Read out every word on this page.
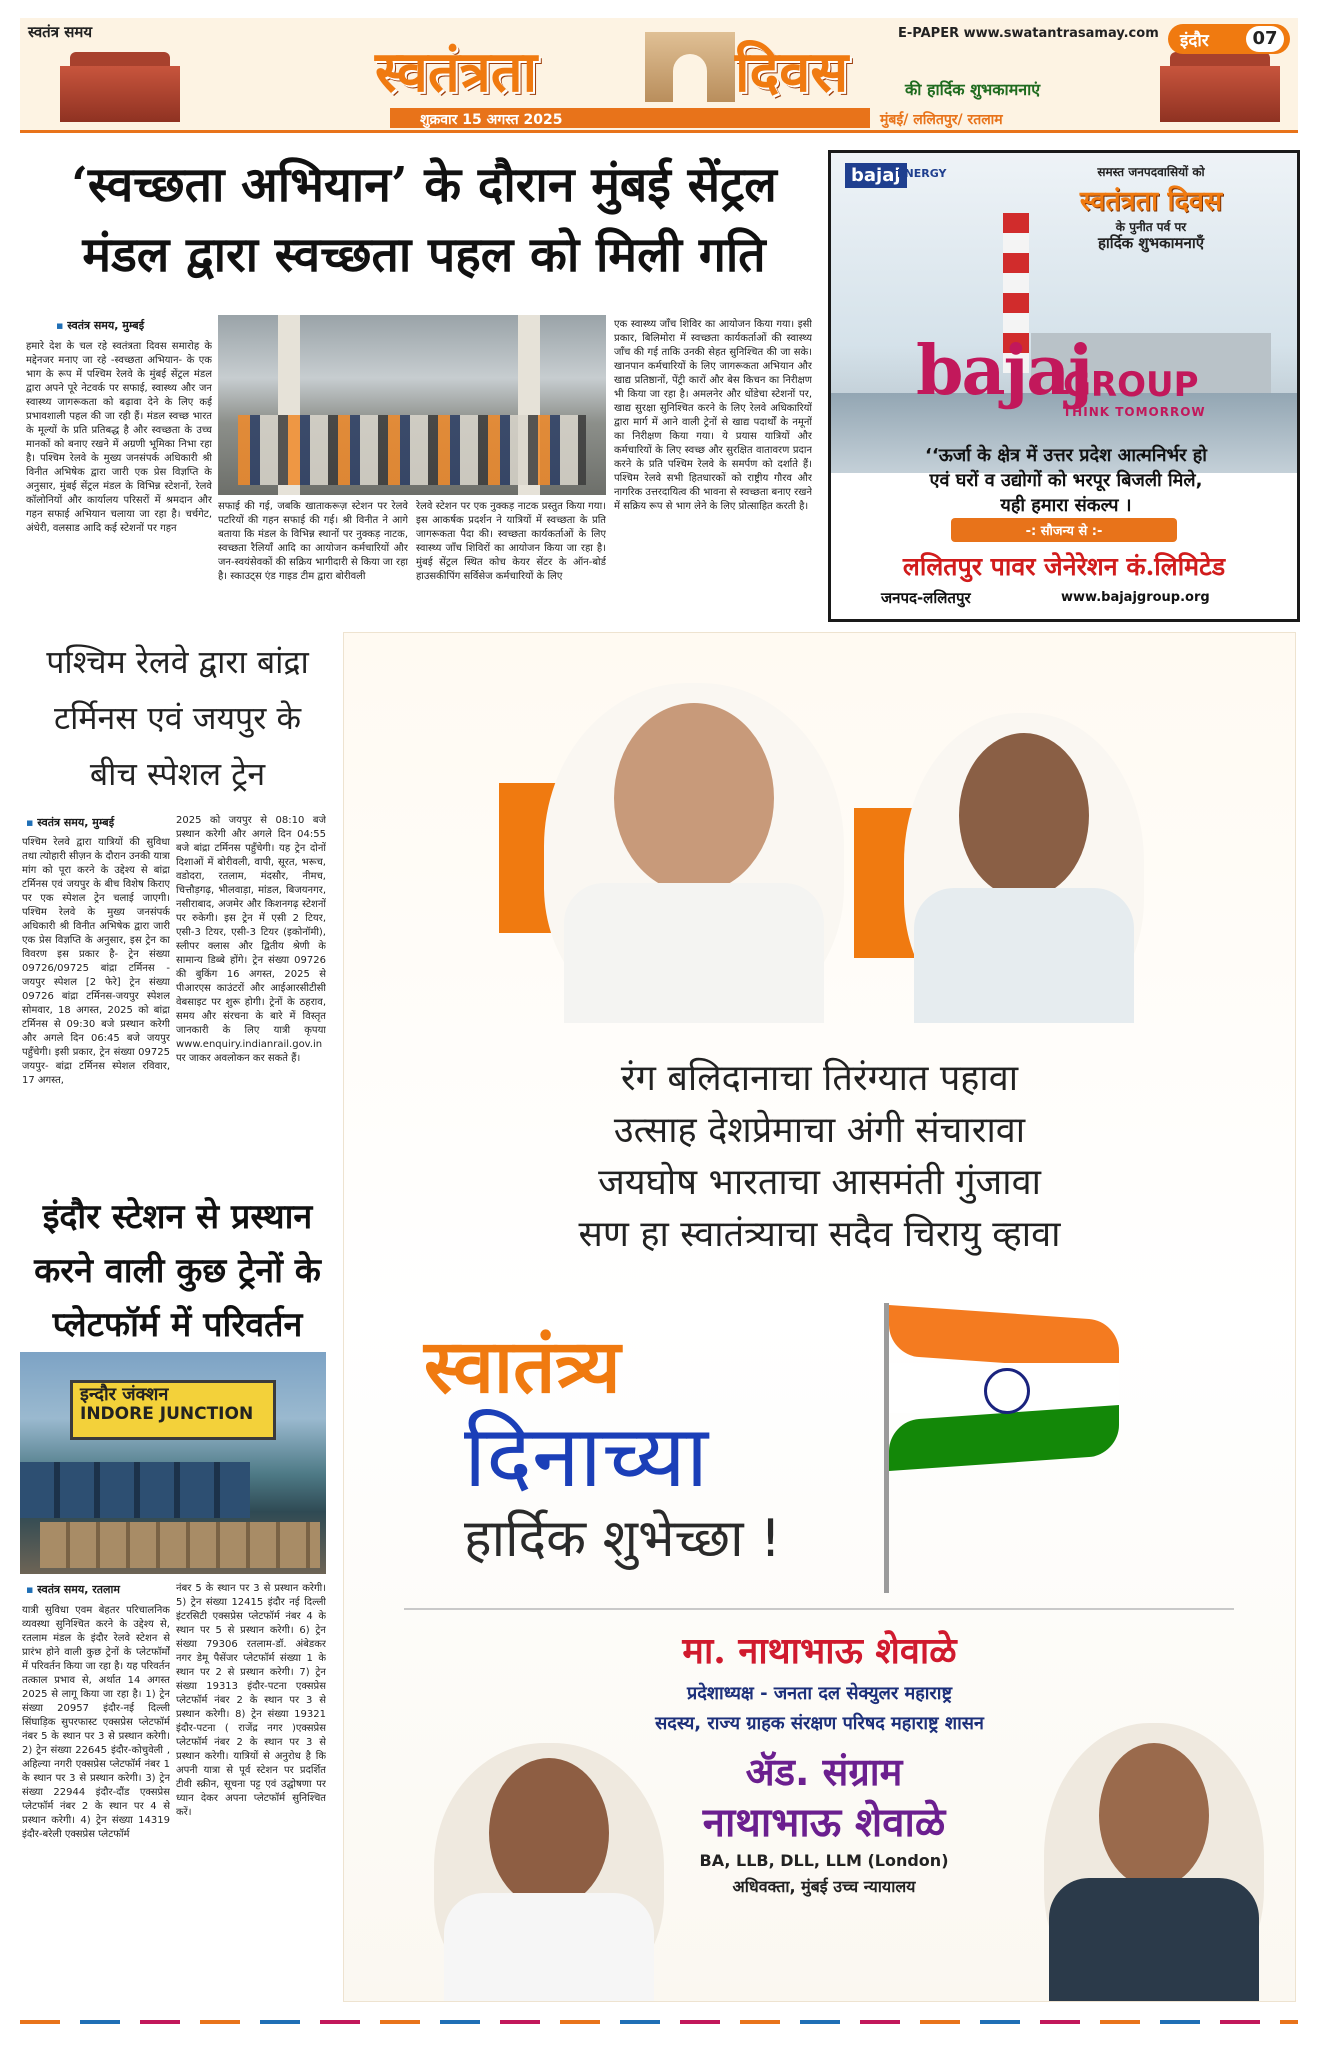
स्वतंत्र समय
स्वतंत्रता	दिवस	की हार्दिक शुभकामनाएं
E-PAPER www.swatantrasamay.com इंदौर	07
शुक्रवार 15 अगस्त 2025	मुंबई/ ललितपुर/ रतलाम
‘स्वच्छता अभियान’ के दौरान मुंबई सेंट्रल
मंडल द्वारा स्वच्छता पहल को मिली गति
▪ स्वतंत्र समय, मुम्बई
हमारे देश के चल रहे स्वतंत्रता दिवस समारोह के मद्देनजर मनाए जा रहे -स्वच्छता अभियान- के एक भाग के रूप में पश्चिम रेलवे के मुंबई सेंट्रल मंडल द्वारा अपने पूरे नेटवर्क पर सफाई, स्वास्थ्य और जन स्वास्थ्य जागरूकता को बढ़ावा देने के लिए कई प्रभावशाली पहल की जा रही हैं। मंडल स्वच्छ भारत के मूल्यों के प्रति प्रतिबद्ध है और स्वच्छता के उच्च मानकों को बनाए रखने में अग्रणी भूमिका निभा रहा है। पश्चिम रेलवे के मुख्य जनसंपर्क अधिकारी श्री विनीत अभिषेक द्वारा जारी एक प्रेस विज्ञप्ति के अनुसार, मुंबई सेंट्रल मंडल के विभिन्न स्टेशनों, रेलवे कॉलोनियों और कार्यालय परिसरों में श्रमदान और गहन सफाई अभियान चलाया जा रहा है। चर्चगेट, अंधेरी, वलसाड आदि कई स्टेशनों पर गहन
सफाई की गई, जबकि खाताकरूज़ स्टेशन पर रेलवे पटरियों की गहन सफाई की गई। श्री विनीत ने आगे बताया कि मंडल के विभिन्न स्थानों पर नुक्कड़ नाटक, स्वच्छता रैलियाँ आदि का आयोजन कर्मचारियों और जन-स्वयंसेवकों की सक्रिय भागीदारी से किया जा रहा है। स्काउट्स एंड गाइड टीम द्वारा बोरीवली
रेलवे स्टेशन पर एक नुक्कड़ नाटक प्रस्तुत किया गया। इस आकर्षक प्रदर्शन ने यात्रियों में स्वच्छता के प्रति जागरूकता पैदा की। स्वच्छता कार्यकर्ताओं के लिए स्वास्थ्य जाँच शिविरों का आयोजन किया जा रहा है। मुंबई सेंट्रल स्थित कोच केयर सेंटर के ऑन-बोर्ड हाउसकीपिंग सर्विसेज कर्मचारियों के लिए
एक स्वास्थ्य जाँच शिविर का आयोजन किया गया। इसी प्रकार, बिलिमोरा में स्वच्छता कार्यकर्ताओं की स्वास्थ्य जाँच की गई ताकि उनकी सेहत सुनिश्चित की जा सके। खानपान कर्मचारियों के लिए जागरूकता अभियान और खाद्य प्रतिष्ठानों, पेंट्री कारों और बेस किचन का निरीक्षण भी किया जा रहा है। अमलनेर और धोंडेचा स्टेशनों पर, खाद्य सुरक्षा सुनिश्चित करने के लिए रेलवे अधिकारियों द्वारा मार्ग में आने वाली ट्रेनों से खाद्य पदार्थों के नमूनों का निरीक्षण किया गया। ये प्रयास यात्रियों और कर्मचारियों के लिए स्वच्छ और सुरक्षित वातावरण प्रदान करने के प्रति पश्चिम रेलवे के समर्पण को दर्शाते हैं। पश्चिम रेलवे सभी हितधारकों को राष्ट्रीय गौरव और नागरिक उत्तरदायित्व की भावना से स्वच्छता बनाए रखने में सक्रिय रूप से भाग लेने के लिए प्रोत्साहित करती है।
bajaj
ENERGY	समस्त जनपदवासियों को
स्वतंत्रता दिवस
के पुनीत पर्व पर
हार्दिक शुभकामनाएँ
bajaj
GROUP
THINK TOMORROW
‘‘ऊर्जा के क्षेत्र में उत्तर प्रदेश आत्मनिर्भर हो
एवं घरों व उद्योगों को भरपूर बिजली मिले,
यही हमारा संकल्प ।
-: सौजन्य से :-
ललितपुर पावर जेनेरेशन कं.लिमिटेड
जनपद-ललितपुर	www.bajajgroup.org
पश्चिम रेलवे द्वारा बांद्रा
टर्मिनस एवं जयपुर के
बीच स्पेशल ट्रेन
▪ स्वतंत्र समय, मुम्बई
पश्चिम रेलवे द्वारा यात्रियों की सुविधा तथा त्योहारी सीज़न के दौरान उनकी यात्रा मांग को पूरा करने के उद्देश्य से बांद्रा टर्मिनस एवं जयपुर के बीच विशेष किराए पर एक स्पेशल ट्रेन चलाई जाएगी। पश्चिम रेलवे के मुख्य जनसंपर्क अधिकारी श्री विनीत अभिषेक द्वारा जारी एक प्रेस विज्ञप्ति के अनुसार, इस ट्रेन का विवरण इस प्रकार है- ट्रेन संख्या 09726/09725 बांद्रा टर्मिनस - जयपुर स्पेशल [2 फेरे] ट्रेन संख्या 09726 बांद्रा टर्मिनस-जयपुर स्पेशल सोमवार, 18 अगस्त, 2025 को बांद्रा टर्मिनस से 09:30 बजे प्रस्थान करेगी और अगले दिन 06:45 बजे जयपुर पहुँचेगी। इसी प्रकार, ट्रेन संख्या 09725 जयपुर- बांद्रा टर्मिनस स्पेशल रविवार, 17 अगस्त,
2025 को जयपुर से 08:10 बजे प्रस्थान करेगी और अगले दिन 04:55 बजे बांद्रा टर्मिनस पहुँचेगी। यह ट्रेन दोनों दिशाओं में बोरीवली, वापी, सूरत, भरूच, वडोदरा, रतलाम, मंदसौर, नीमच, चित्तौड़गढ़, भीलवाड़ा, मांडल, बिजयनगर, नसीराबाद, अजमेर और किशनगढ़ स्टेशनों पर रुकेगी। इस ट्रेन में एसी 2 टियर, एसी-3 टियर, एसी-3 टियर (इकोनॉमी), स्लीपर क्लास और द्वितीय श्रेणी के सामान्य डिब्बे होंगे। ट्रेन संख्या 09726 की बुकिंग 16 अगस्त, 2025 से पीआरएस काउंटरों और आईआरसीटीसी वेबसाइट पर शुरू होगी। ट्रेनों के ठहराव, समय और संरचना के बारे में विस्तृत जानकारी के लिए यात्री कृपया www.enquiry.indianrail.gov.in पर जाकर अवलोकन कर सकते हैं।
इंदौर स्टेशन से प्रस्थान
करने वाली कुछ ट्रेनों के
प्लेटफॉर्म में परिवर्तन
इन्दौर जंक्शन
INDORE JUNCTION
▪ स्वतंत्र समय, रतलाम
यात्री सुविधा एवम बेहतर परिचालनिक व्यवस्था सुनिश्चित करने के उद्देश्य से, रतलाम मंडल के इंदौर रेलवे स्टेशन से प्रारंभ होने वाली कुछ ट्रेनों के प्लेटफॉर्मों में परिवर्तन किया जा रहा है। यह परिवर्तन तत्काल प्रभाव से, अर्थात 14 अगस्त 2025 से लागू किया जा रहा है। 1) ट्रेन संख्या 20957 इंदौर-नई दिल्ली सिंघाड़िक सुपरफास्ट एक्सप्रेस प्लेटफॉर्म नंबर 5 के स्थान पर 3 से प्रस्थान करेगी। 2) ट्रेन संख्या 22645 इंदौर-कोचुवेली , अहिल्या नगरी एक्सप्रेस प्लेटफॉर्म नंबर 1 के स्थान पर 3 से प्रस्थान करेगी। 3) ट्रेन संख्या 22944 इंदौर-दौंड एक्सप्रेस प्लेटफॉर्म नंबर 2 के स्थान पर 4 से प्रस्थान करेगी। 4) ट्रेन संख्या 14319 इंदौर-बरेली एक्सप्रेस प्लेटफॉर्म
नंबर 5 के स्थान पर 3 से प्रस्थान करेगी। 5) ट्रेन संख्या 12415 इंदौर नई दिल्ली इंटरसिटी एक्सप्रेस प्लेटफॉर्म नंबर 4 के स्थान पर 5 से प्रस्थान करेगी। 6) ट्रेन संख्या 79306 रतलाम-डॉ. अंबेडकर नगर डेमू पैसेंजर प्लेटफॉर्म संख्या 1 के स्थान पर 2 से प्रस्थान करेगी। 7) ट्रेन संख्या 19313 इंदौर-पटना एक्सप्रेस प्लेटफॉर्म नंबर 2 के स्थान पर 3 से प्रस्थान करेगी। 8) ट्रेन संख्या 19321 इंदौर-पटना ( राजेंद्र नगर )एक्सप्रेस प्लेटफॉर्म नंबर 2 के स्थान पर 3 से प्रस्थान करेगी। यात्रियों से अनुरोध है कि अपनी यात्रा से पूर्व स्टेशन पर प्रदर्शित टीवी स्क्रीन, सूचना पट्ट एवं उद्घोषणा पर ध्यान देकर अपना प्लेटफॉर्म सुनिश्चित करें।
रंग बलिदानाचा तिरंग्यात पहावा
उत्साह देशप्रेमाचा अंगी संचारावा
जयघोष भारताचा आसमंती गुंजावा
सण हा स्वातंत्र्याचा सदैव चिरायु व्हावा
स्वातंत्र्य
दिनाच्या
हार्दिक शुभेच्छा !
मा. नाथाभाऊ शेवाळे
प्रदेशाध्यक्ष - जनता दल सेक्युलर महाराष्ट्र
सदस्य, राज्य ग्राहक संरक्षण परिषद महाराष्ट्र शासन
ॲड. संग्राम
नाथाभाऊ शेवाळे
BA, LLB, DLL, LLM (London)
अधिवक्ता, मुंबई उच्च न्यायालय
